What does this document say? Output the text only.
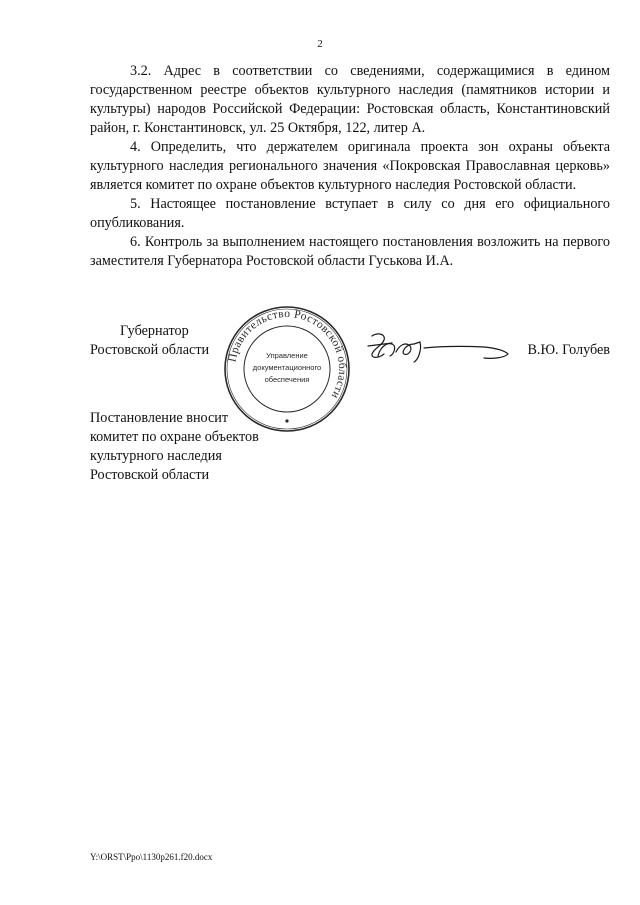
2

3.2. Адрес в соответствии со сведениями, содержащимися в едином государственном реестре объектов культурного наследия (памятников истории и культуры) народов Российской Федерации: Ростовская область, Константиновский район, г. Константиновск, ул. 25 Октября, 122, литер А.

4. Определить, что держателем оригинала проекта зон охраны объекта культурного наследия регионального значения «Покровская Православная церковь» является комитет по охране объектов культурного наследия Ростовской области.

5. Настоящее постановление вступает в силу со дня его официального опубликования.

6. Контроль за выполнением настоящего постановления возложить на первого заместителя Губернатора Ростовской области Гуськова И.А.

Губернатор
Ростовской области	Правительство Ростовской области
Управление
документационного
обеспечения
В.Ю. Голубев
Постановление вносит
комитет по охране объектов
культурного наследия
Ростовской области
Y:\ORST\Ppo\1130p261.f20.docx
